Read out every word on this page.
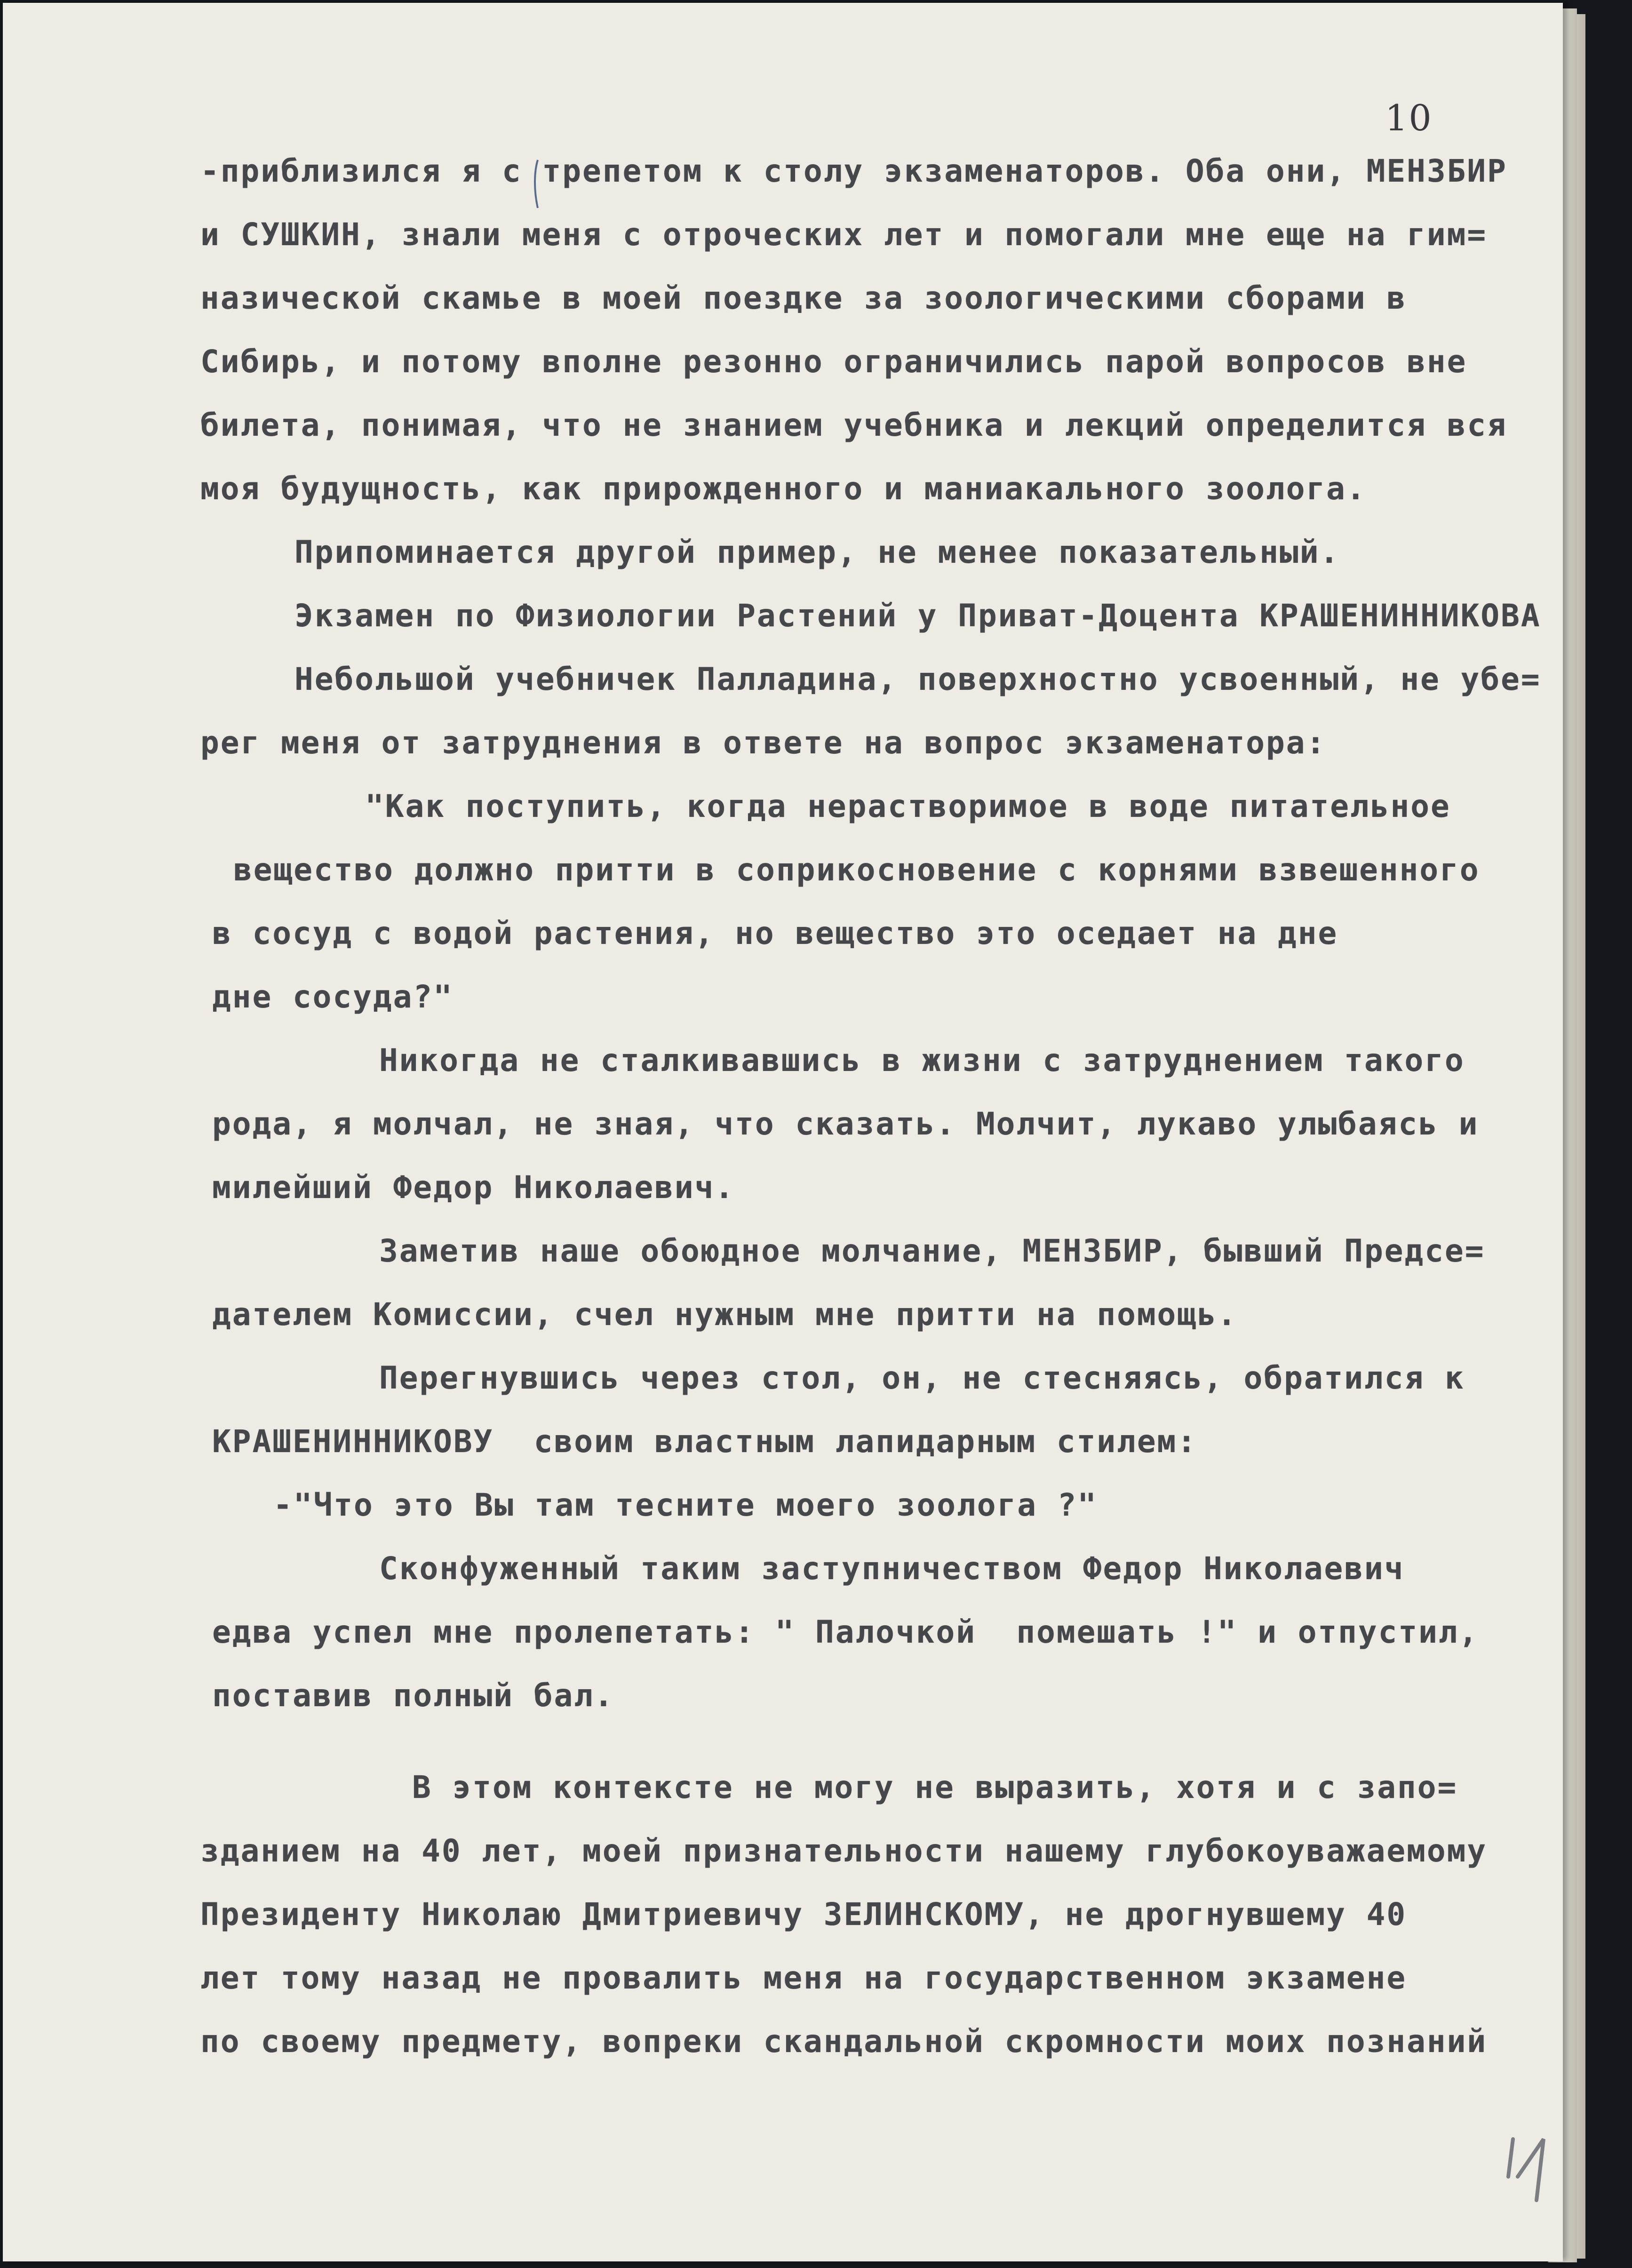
10
-приблизился я с трепетом к столу экзаменаторов. Оба они, МЕНЗБИР
и СУШКИН, знали меня с отроческих лет и помогали мне еще на гим=
назической скамье в моей поездке за зоологическими сборами в
Сибирь, и потому вполне резонно ограничились парой вопросов вне
билета, понимая, что не знанием учебника и лекций определится вся
моя будущность, как прирожденного и маниакального зоолога.
Припоминается другой пример, не менее показательный.
Экзамен по Физиологии Растений у Приват-Доцента КРАШЕНИННИКОВА
Небольшой учебничек Палладина, поверхностно усвоенный, не убе=
рег меня от затруднения в ответе на вопрос экзаменатора:
"Как поступить, когда нерастворимое в воде питательное
вещество должно притти в соприкосновение с корнями взвешенного
в сосуд с водой растения, но вещество это оседает на дне
дне сосуда?"
Никогда не сталкивавшись в жизни с затруднением такого
рода, я молчал, не зная, что сказать. Молчит, лукаво улыбаясь и
милейший Федор Николаевич.
Заметив наше обоюдное молчание, МЕНЗБИР, бывший Предсе=
дателем Комиссии, счел нужным мне притти на помощь.
Перегнувшись через стол, он, не стесняясь, обратился к
КРАШЕНИННИКОВУ  своим властным лапидарным стилем:
-"Что это Вы там тесните моего зоолога ?"
Сконфуженный таким заступничеством Федор Николаевич
едва успел мне пролепетать: " Палочкой  помешать !" и отпустил,
поставив полный бал.
В этом контексте не могу не выразить, хотя и с запо=
зданием на 40 лет, моей признательности нашему глубокоуважаемому
Президенту Николаю Дмитриевичу ЗЕЛИНСКОМУ, не дрогнувшему 40
лет тому назад не провалить меня на государственном экзамене
по своему предмету, вопреки скандальной скромности моих познаний
